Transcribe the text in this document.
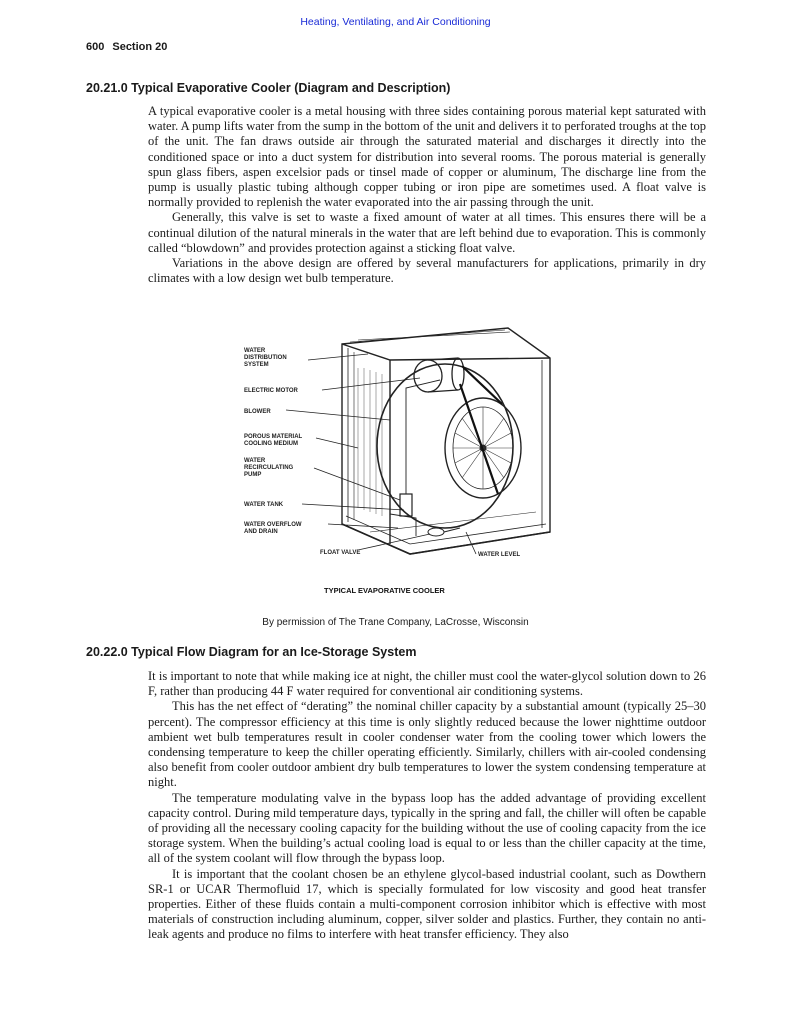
Heating, Ventilating, and Air Conditioning
600 Section 20
20.21.0 Typical Evaporative Cooler (Diagram and Description)

A typical evaporative cooler is a metal housing with three sides containing porous material kept saturated with water. A pump lifts water from the sump in the bottom of the unit and delivers it to perforated troughs at the top of the unit. The fan draws outside air through the saturated material and discharges it directly into the conditioned space or into a duct system for distribution into several rooms. The porous material is generally spun glass fibers, aspen excelsior pads or tinsel made of copper or aluminum, The discharge line from the pump is usually plastic tubing although copper tubing or iron pipe are sometimes used. A float valve is normally provided to replenish the water evaporated into the air passing through the unit.

Generally, this valve is set to waste a fixed amount of water at all times. This ensures there will be a continual dilution of the natural minerals in the water that are left behind due to evaporation. This is commonly called “blowdown” and provides protection against a sticking float valve.

Variations in the above design are offered by several manufacturers for applications, primarily in dry climates with a low design wet bulb temperature.

WATER
DISTRIBUTION
SYSTEM
ELECTRIC MOTOR
BLOWER
POROUS MATERIAL
COOLING MEDIUM
WATER
RECIRCULATING
PUMP
WATER TANK
WATER OVERFLOW
AND DRAIN
FLOAT VALVE	WATER LEVEL
TYPICAL EVAPORATIVE COOLER
By permission of The Trane Company, LaCrosse, Wisconsin
20.22.0 Typical Flow Diagram for an Ice-Storage System

It is important to note that while making ice at night, the chiller must cool the water-glycol solution down to 26 F, rather than producing 44 F water required for conventional air conditioning systems.

This has the net effect of “derating” the nominal chiller capacity by a substantial amount (typically 25–30 percent). The compressor efficiency at this time is only slightly reduced because the lower nighttime outdoor ambient wet bulb temperatures result in cooler condenser water from the cooling tower which lowers the condensing temperature to keep the chiller operating efficiently. Similarly, chillers with air-cooled condensing also benefit from cooler outdoor ambient dry bulb temperatures to lower the system condensing temperature at night.

The temperature modulating valve in the bypass loop has the added advantage of providing excellent capacity control. During mild temperature days, typically in the spring and fall, the chiller will often be capable of providing all the necessary cooling capacity for the building without the use of cooling capacity from the ice storage system. When the building’s actual cooling load is equal to or less than the chiller capacity at the time, all of the system coolant will flow through the bypass loop.

It is important that the coolant chosen be an ethylene glycol-based industrial coolant, such as Dowthern SR-1 or UCAR Thermofluid 17, which is specially formulated for low viscosity and good heat transfer properties. Either of these fluids contain a multi-component corrosion inhibitor which is effective with most materials of construction including aluminum, copper, silver solder and plastics. Further, they contain no anti-leak agents and produce no films to interfere with heat transfer efficiency. They also
